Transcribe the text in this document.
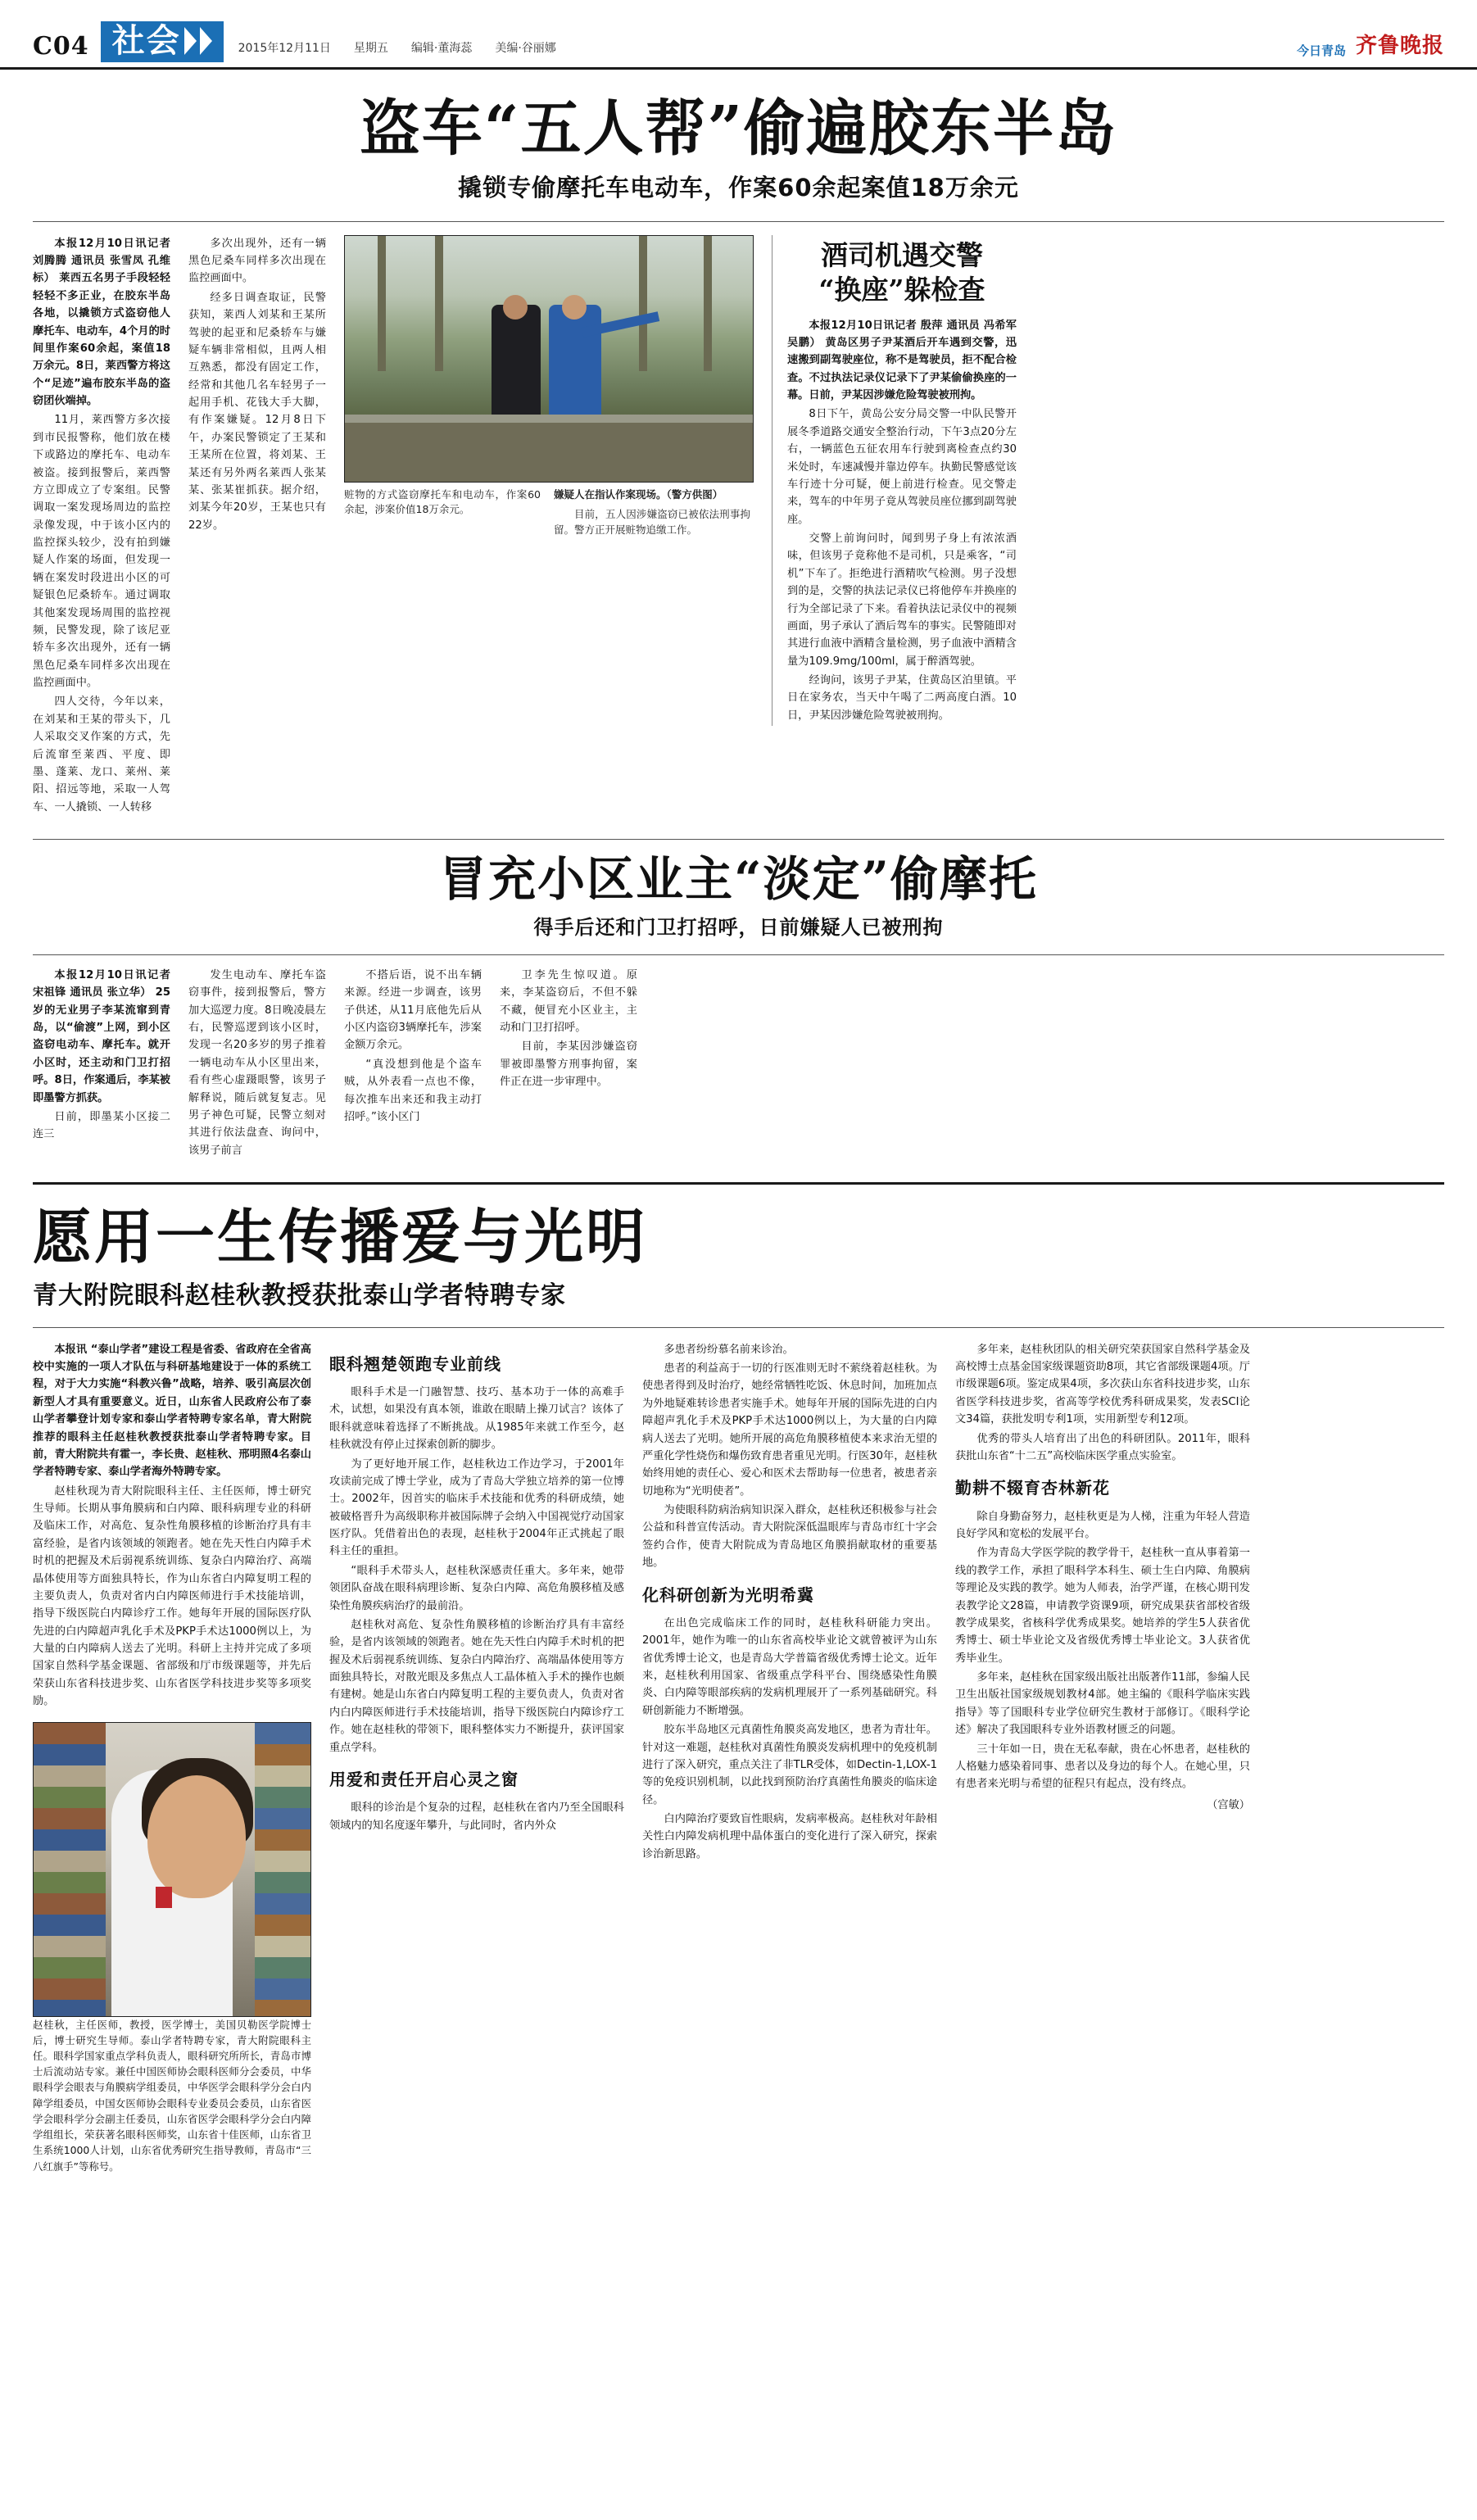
C04 社会	2015年12月11日 星期五 编辑·董海蕊 美编·谷丽娜	今日青岛 齐鲁晚报
盗车“五人帮”偷遍胶东半岛
撬锁专偷摩托车电动车，作案60余起案值18万余元

本报12月10日讯记者 刘腾腾 通讯员 张雪凤 孔维标） 莱西五名男子手段轻轻轻轻不多正业，在胶东半岛各地，以撬锁方式盗窃他人摩托车、电动车，4个月的时间里作案60余起，案值18万余元。8日，莱西警方将这个“足迹”遍布胶东半岛的盗窃团伙端掉。

11月，莱西警方多次接到市民报警称，他们放在楼下或路边的摩托车、电动车被盗。接到报警后，莱西警方立即成立了专案组。民警调取一案发现场周边的监控录像发现，中于该小区内的监控探头较少，没有拍到嫌疑人作案的场面，但发现一辆在案发时段进出小区的可疑银色尼桑轿车。通过调取其他案发现场周围的监控视频，民警发现，除了该尼亚轿车多次出现外，还有一辆黑色尼桑车同样多次出现在监控画面中。

四人交待，今年以来，在刘某和王某的带头下，几人采取交叉作案的方式，先后流窜至莱西、平度、即墨、蓬莱、龙口、莱州、莱阳、招远等地，采取一人驾车、一人撬锁、一人转移

多次出现外，还有一辆黑色尼桑车同样多次出现在监控画面中。

经多日调查取证，民警获知，莱西人刘某和王某所驾驶的起亚和尼桑轿车与嫌疑车辆非常相似，且两人相互熟悉，都没有固定工作，经常和其他几名车轻男子一起用手机、花钱大手大脚，有作案嫌疑。12月8日下午，办案民警锁定了王某和王某所在位置，将刘某、王某还有另外两名莱西人张某某、张某崔抓获。据介绍，刘某今年20岁，王某也只有22岁。

赃物的方式盗窃摩托车和电动车，作案60余起，涉案价值18万余元。

嫌疑人在指认作案现场。（警方供图）

目前，五人因涉嫌盗窃已被依法刑事拘留。警方正开展赃物追缴工作。

酒司机遇交警
“换座”躲检查

本报12月10日讯记者 殷萍 通讯员 冯希军 吴鹏） 黄岛区男子尹某酒后开车遇到交警，迅速搬到副驾驶座位，称不是驾驶员，拒不配合检查。不过执法记录仪记录下了尹某偷偷换座的一幕。日前，尹某因涉嫌危险驾驶被刑拘。

8日下午，黄岛公安分局交警一中队民警开展冬季道路交通安全整治行动，下午3点20分左右，一辆蓝色五征农用车行驶到离检查点约30米处时，车速减慢并靠边停车。执勤民警感觉该车行迹十分可疑，便上前进行检查。见交警走来，驾车的中年男子竟从驾驶员座位挪到副驾驶座。

交警上前询问时，闻到男子身上有浓浓酒味，但该男子竟称他不是司机，只是乘客，“司机”下车了。拒绝进行酒精吹气检测。男子没想到的是，交警的执法记录仪已将他停车并换座的行为全部记录了下来。看着执法记录仪中的视频画面，男子承认了酒后驾车的事实。民警随即对其进行血液中酒精含量检测，男子血液中酒精含量为109.9mg/100ml，属于醉酒驾驶。

经询问，该男子尹某，住黄岛区泊里镇。平日在家务农，当天中午喝了二两高度白酒。10日，尹某因涉嫌危险驾驶被刑拘。

冒充小区业主“淡定”偷摩托
得手后还和门卫打招呼，日前嫌疑人已被刑拘

本报12月10日讯记者 宋祖锋 通讯员 张立华） 25岁的无业男子李某流窜到青岛，以“偷渡”上网，到小区盗窃电动车、摩托车。就开小区时，还主动和门卫打招呼。8日，作案通后，李某被即墨警方抓获。

日前，即墨某小区接二连三

发生电动车、摩托车盗窃事件，接到报警后，警方加大巡逻力度。8日晚凌晨左右，民警巡逻到该小区时，发现一名20多岁的男子推着一辆电动车从小区里出来，看有些心虚蹑眼警，该男子解释说，随后就复复志。见男子神色可疑，民警立刻对其进行依法盘查、询问中，该男子前言

不搭后语，说不出车辆来源。经进一步调查，该男子供述，从11月底他先后从小区内盗窃3辆摩托车，涉案金额万余元。

“真没想到他是个盗车贼，从外表看一点也不像，每次推车出来还和我主动打招呼。”该小区门

卫李先生惊叹道。原来，李某盗窃后，不但不躲不藏，便冒充小区业主，主动和门卫打招呼。

目前，李某因涉嫌盗窃罪被即墨警方刑事拘留，案件正在进一步审理中。

愿用一生传播爱与光明
青大附院眼科赵桂秋教授获批泰山学者特聘专家

本报讯 “泰山学者”建设工程是省委、省政府在全省高校中实施的一项人才队伍与科研基地建设于一体的系统工程，对于大力实施“科教兴鲁”战略，培养、吸引高层次创新型人才具有重要意义。近日，山东省人民政府公布了泰山学者攀登计划专家和泰山学者特聘专家名单，青大附院推荐的眼科主任赵桂秋教授获批泰山学者特聘专家。目前，青大附院共有霍一，李长贵、赵桂秋、邢明照4名泰山学者特聘专家、泰山学者海外特聘专家。

赵桂秋现为青大附院眼科主任、主任医师，博士研究生导师。长期从事角膜病和白内障、眼科病理专业的科研及临床工作，对高危、复杂性角膜移植的诊断治疗具有丰富经验，是省内该领域的领跑者。她在先天性白内障手术时机的把握及术后弱视系统训练、复杂白内障治疗、高端晶体使用等方面独具特长，作为山东省白内障复明工程的主要负责人，负责对省内白内障医师进行手术技能培训，指导下级医院白内障诊疗工作。她每年开展的国际医疗队先进的白内障超声乳化手术及PKP手术达1000例以上，为大量的白内障病人送去了光明。科研上主持并完成了多项国家自然科学基金课题、省部级和厅市级课题等，并先后荣获山东省科技进步奖、山东省医学科技进步奖等多项奖励。

赵桂秋，主任医师，教授，医学博士，美国贝勒医学院博士后，博士研究生导师。泰山学者特聘专家，青大附院眼科主任。眼科学国家重点学科负责人，眼科研究所所长，青岛市博士后流动站专家。兼任中国医师协会眼科医师分会委员，中华眼科学会眼表与角膜病学组委员，中华医学会眼科学分会白内障学组委员，中国女医师协会眼科专业委员会委员，山东省医学会眼科学分会副主任委员，山东省医学会眼科学分会白内障学组组长，荣获著名眼科医师奖，山东省十佳医师，山东省卫生系统1000人计划，山东省优秀研究生指导教师，青岛市“三八红旗手”等称号。

眼科翘楚领跑专业前线

眼科手术是一门融智慧、技巧、基本功于一体的高难手术，试想，如果没有真本领，谁敢在眼睛上操刀试言？该体了眼科就意味着选择了不断挑战。从1985年来就工作至今，赵桂秋就没有停止过探索创新的脚步。

为了更好地开展工作，赵桂秋边工作边学习，于2001年攻读前完成了博士学业，成为了青岛大学独立培养的第一位博士。2002年，因首实的临床手术技能和优秀的科研成绩，她被破格晋升为高级职称并被国际牌子会纳入中国视觉疗动国家医疗队。凭借着出色的表现，赵桂秋于2004年正式挑起了眼科主任的重担。

“眼科手术带头人，赵桂秋深感责任重大。多年来，她带领团队奋战在眼科病理诊断、复杂白内障、高危角膜移植及感染性角膜疾病治疗的最前沿。

赵桂秋对高危、复杂性角膜移植的诊断治疗具有丰富经验，是省内该领域的领跑者。她在先天性白内障手术时机的把握及术后弱视系统训练、复杂白内障治疗、高端晶体使用等方面独具特长，对散光眼及多焦点人工晶体植入手术的操作也颇有建树。她是山东省白内障复明工程的主要负责人，负责对省内白内障医师进行手术技能培训，指导下级医院白内障诊疗工作。她在赵桂秋的带领下，眼科整体实力不断提升，获评国家重点学科。

用爱和责任开启心灵之窗

眼科的诊治是个复杂的过程，赵桂秋在省内乃至全国眼科领域内的知名度逐年攀升，与此同时，省内外众

多患者纷纷慕名前来诊治。

患者的利益高于一切的行医准则无时不萦绕着赵桂秋。为使患者得到及时治疗，她经常牺牲吃饭、休息时间，加班加点为外地疑难转诊患者实施手术。她每年开展的国际先进的白内障超声乳化手术及PKP手术达1000例以上，为大量的白内障病人送去了光明。她所开展的高危角膜移植使本来求治无望的严重化学性烧伤和爆伤致育患者重见光明。行医30年，赵桂秋始终用她的责任心、爱心和医术去帮助每一位患者，被患者亲切地称为“光明使者”。

为使眼科防病治病知识深入群众，赵桂秋还积极参与社会公益和科普宣传活动。青大附院深低温眼库与青岛市红十字会签约合作，使青大附院成为青岛地区角膜捐献取材的重要基地。

化科研创新为光明希冀

在出色完成临床工作的同时，赵桂秋科研能力突出。2001年，她作为唯一的山东省高校毕业论文就曾被评为山东省优秀博士论文，也是青岛大学普篇省级优秀博士论文。近年来，赵桂秋利用国家、省级重点学科平台、围绕感染性角膜炎、白内障等眼部疾病的发病机理展开了一系列基础研究。科研创新能力不断增强。

胶东半岛地区元真菌性角膜炎高发地区，患者为青壮年。针对这一难题，赵桂秋对真菌性角膜炎发病机理中的免疫机制进行了深入研究，重点关注了非TLR受体，如Dectin-1,LOX-1等的免疫识别机制，以此找到预防治疗真菌性角膜炎的临床途径。

白内障治疗要致盲性眼病，发病率极高。赵桂秋对年龄相关性白内障发病机理中晶体蛋白的变化进行了深入研究，探索诊治新思路。

多年来，赵桂秋团队的相关研究荣获国家自然科学基金及高校博士点基金国家级课题资助8项，其它省部级课题4项。厅市级课题6项。鉴定成果4项，多次获山东省科技进步奖，山东省医学科技进步奖，省高等学校优秀科研成果奖，发表SCI论文34篇，获批发明专利1项，实用新型专利12项。

优秀的带头人培育出了出色的科研团队。2011年，眼科获批山东省“十二五”高校临床医学重点实验室。

勤耕不辍育杏林新花

除自身勤奋努力，赵桂秋更是为人梯，注重为年轻人营造良好学风和宽松的发展平台。

作为青岛大学医学院的教学骨干，赵桂秋一直从事着第一线的教学工作，承担了眼科学本科生、硕士生白内障、角膜病等理论及实践的教学。她为人师表，治学严谨，在核心期刊发表教学论文28篇，申请教学资课9项，研究成果获省部校省级教学成果奖，省核科学优秀成果奖。她培养的学生5人获省优秀博士、硕士毕业论文及省级优秀博士毕业论文。3人获省优秀毕业生。

多年来，赵桂秋在国家级出版社出版著作11部，参编人民卫生出版社国家级规划教材4部。她主编的《眼科学临床实践指导》等了国眼科专业学位研究生教材于部修订。《眼科学论述》解决了我国眼科专业外语教材匮乏的问题。

三十年如一日，贵在无私奉献，贵在心怀患者，赵桂秋的人格魅力感染着同事、患者以及身边的每个人。在她心里，只有患者来光明与希望的征程只有起点，没有终点。

（宫敏）
